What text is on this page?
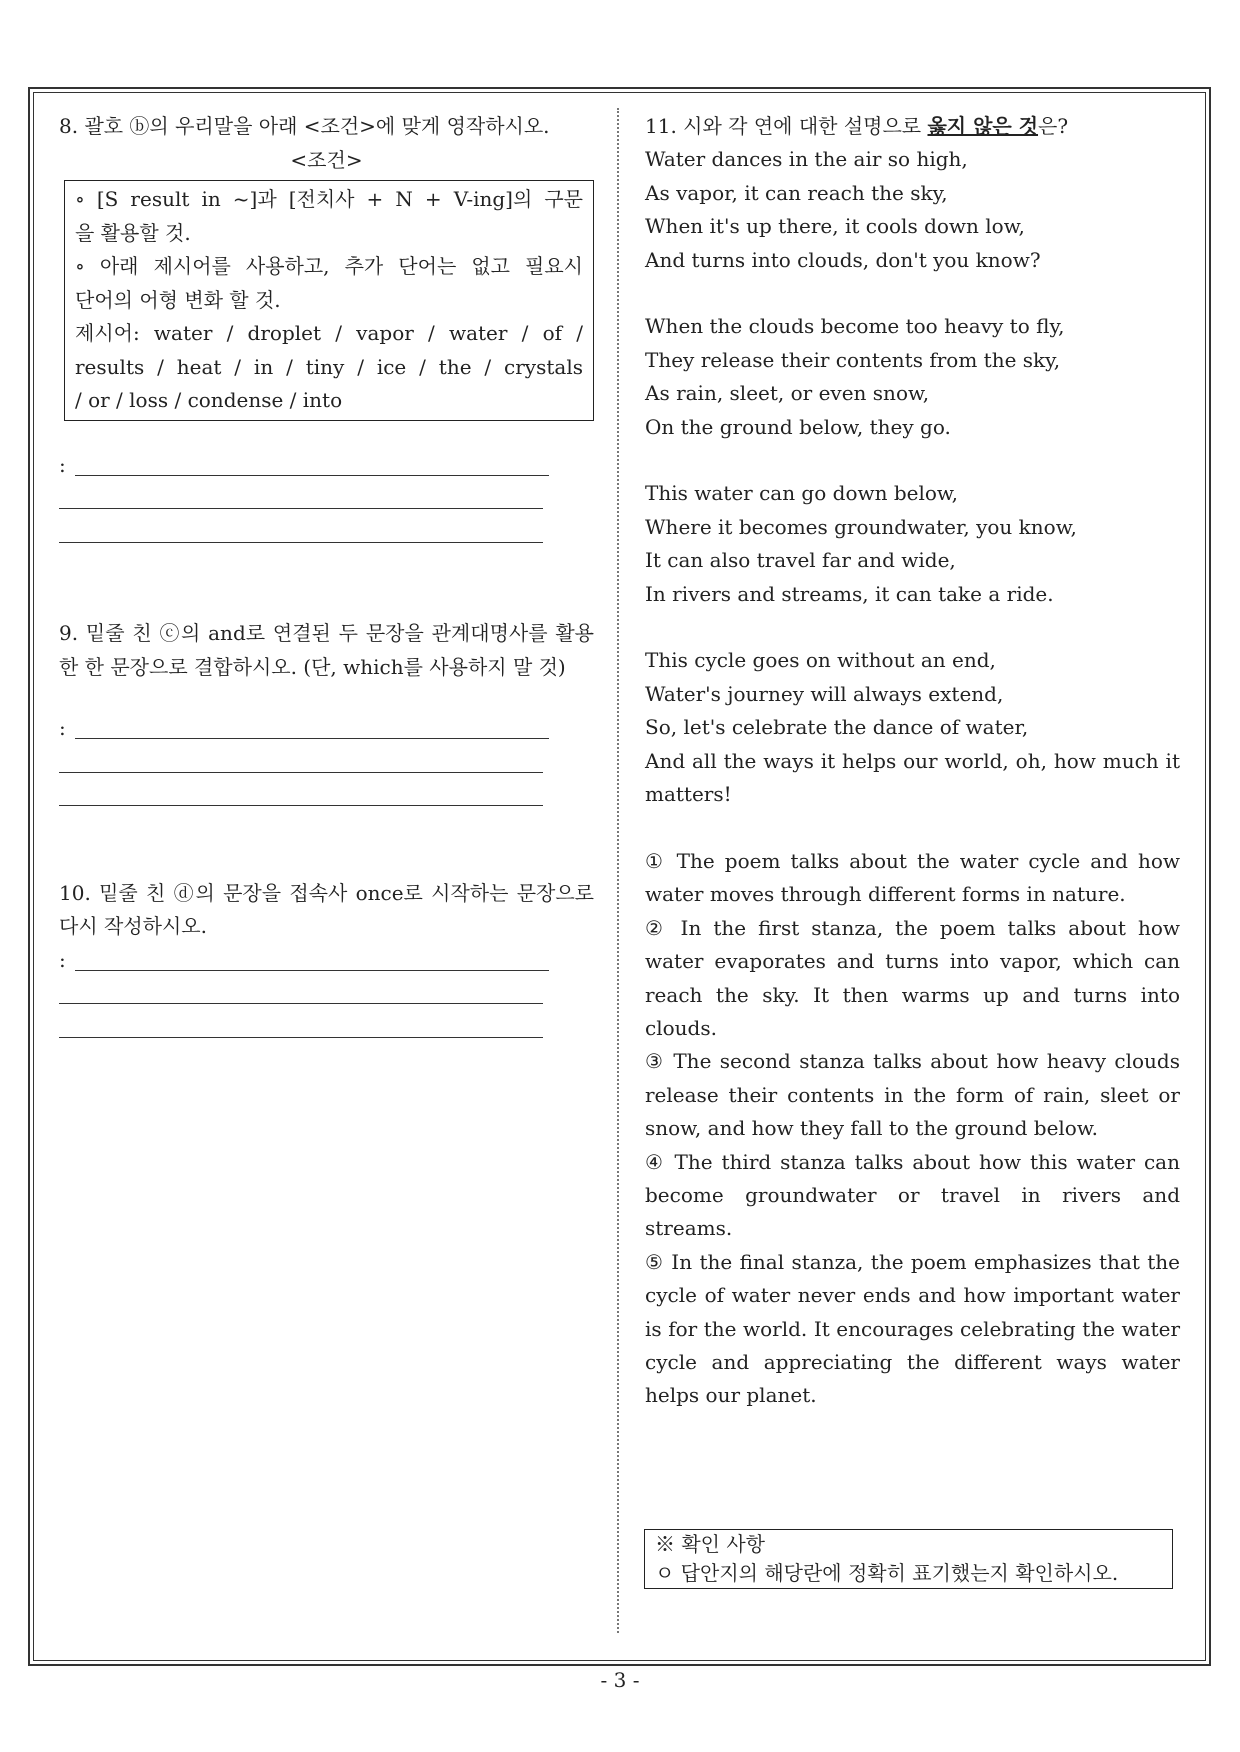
8. 괄호 ⓑ의 우리말을 아래 <조건>에 맞게 영작하시오.

<조건>

∘ [S result in ~]과 [전치사 + N + V-ing]의 구문
을 활용할 것.
∘ 아래 제시어를 사용하고, 추가 단어는 없고 필요시
단어의 어형 변화 할 것.
제시어: water / droplet / vapor / water / of /
results / heat / in / tiny / ice / the / crystals
/ or / loss / condense / into
:

9. 밑줄 친 ⓒ의 and로 연결된 두 문장을 관계대명사를 활용한 한 문장으로 결합하시오. (단, which를 사용하지 말 것)

:

10. 밑줄 친 ⓓ의 문장을 접속사 once로 시작하는 문장으로 다시 작성하시오.

:

11. 시와 각 연에 대한 설명으로 옳지 않은 것은?

Water dances in the air so high,
As vapor, it can reach the sky,
When it's up there, it cools down low,
And turns into clouds, don't you know?
When the clouds become too heavy to fly,
They release their contents from the sky,
As rain, sleet, or even snow,
On the ground below, they go.
This water can go down below,
Where it becomes groundwater, you know,
It can also travel far and wide,
In rivers and streams, it can take a ride.
This cycle goes on without an end,
Water's journey will always extend,
So, let's celebrate the dance of water,
And all the ways it helps our world, oh, how much it matters!
① The poem talks about the water cycle and how water moves through different forms in nature.
② In the first stanza, the poem talks about how water evaporates and turns into vapor, which can reach the sky. It then warms up and turns into clouds.
③ The second stanza talks about how heavy clouds release their contents in the form of rain, sleet or snow, and how they fall to the ground below.
④ The third stanza talks about how this water can become groundwater or travel in rivers and streams.
⑤ In the final stanza, the poem emphasizes that the cycle of water never ends and how important water is for the world. It encourages celebrating the water cycle and appreciating the different ways water helps our planet.
※ 확인 사항
ㅇ 답안지의 해당란에 정확히 표기했는지 확인하시오.
- 3 -
